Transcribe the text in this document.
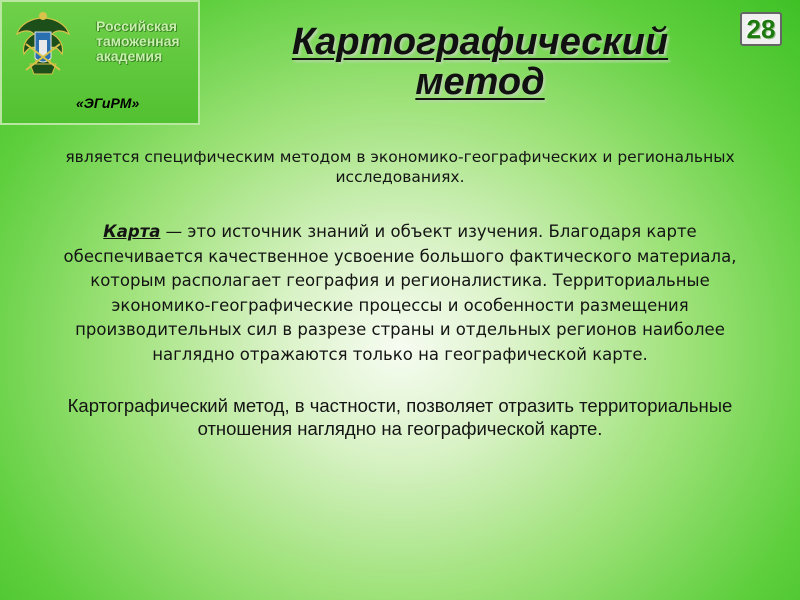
Российская
таможенная
академия
«ЭГиРМ»
Картографический
метод
28
является специфическим методом в экономико-географических и региональных исследованиях.
Карта — это источник знаний и объект изучения. Благодаря карте обеспечивается качественное усвоение большого фактического материала, которым располагает география и регионалистика. Территориальные экономико-географические процессы и особенности размещения производительных сил в разрезе страны и отдельных регионов наиболее наглядно отражаются только на географической карте.
Картографический метод, в частности, позволяет отразить территориальные отношения наглядно на географической карте.
